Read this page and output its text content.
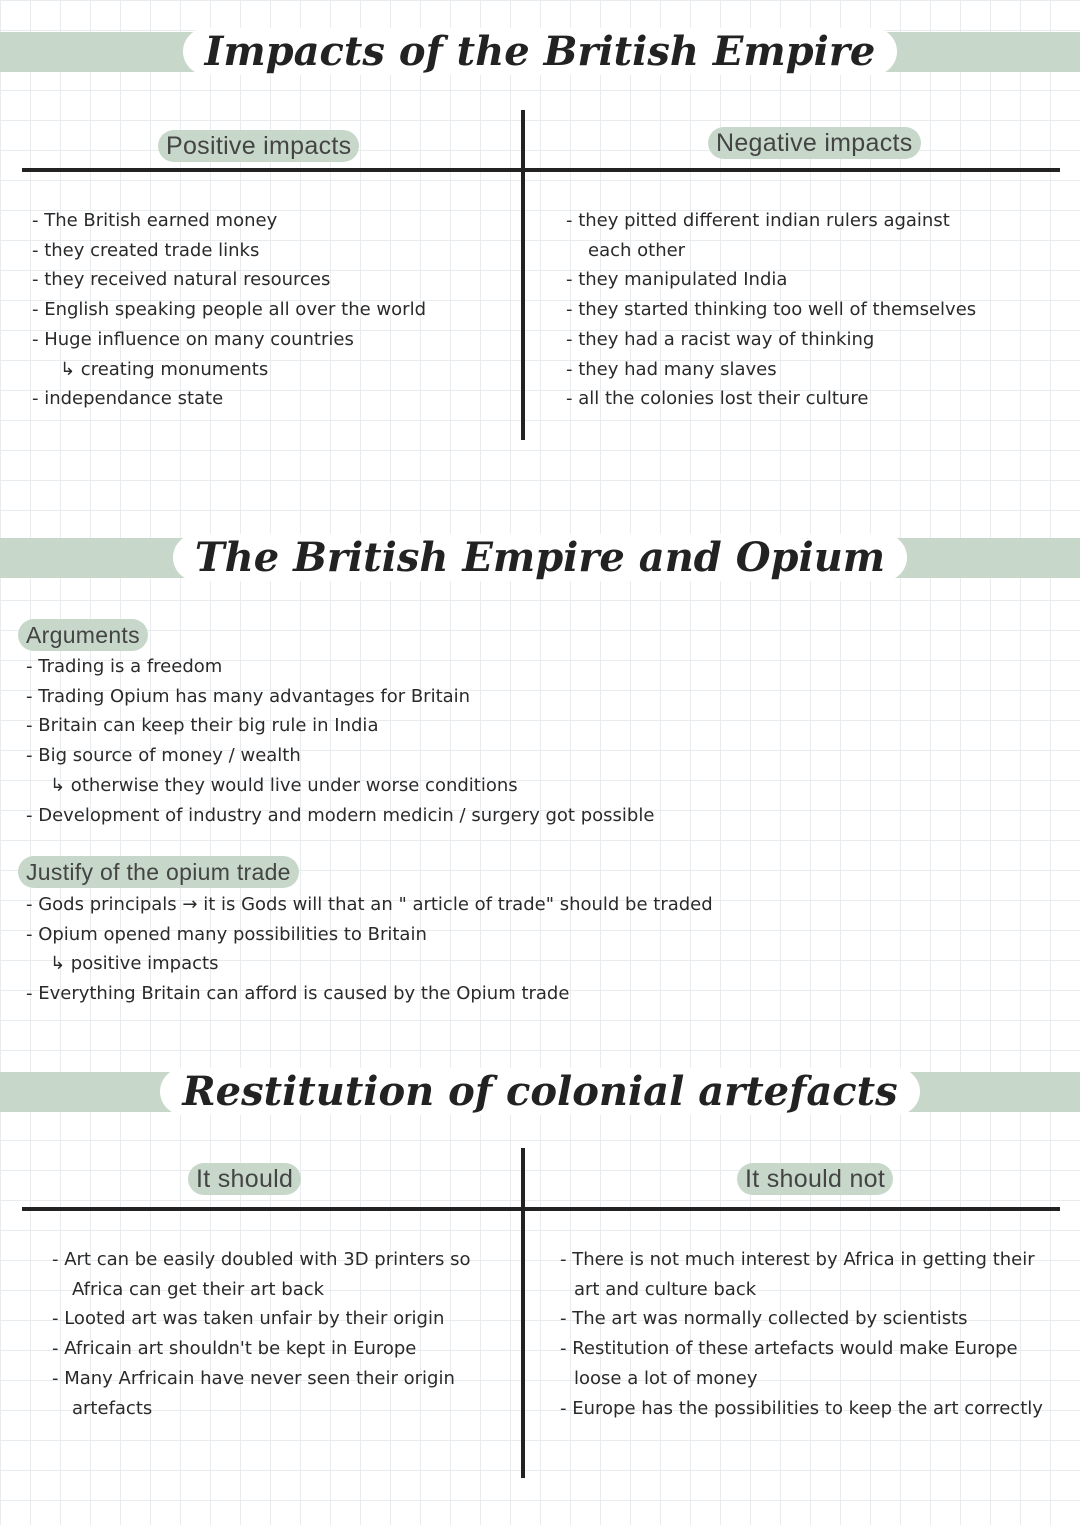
Impacts of the British Empire
Positive impacts	Negative impacts
- The British earned money
- they created trade links
- they received natural resources
- English speaking people all over the world
- Huge influence on many countries
↳ creating monuments
- independance state
- they pitted different indian rulers against
each other
- they manipulated India
- they started thinking too well of themselves
- they had a racist way of thinking
- they had many slaves
- all the colonies lost their culture
The British Empire and Opium
Arguments
- Trading is a freedom
- Trading Opium has many advantages for Britain
- Britain can keep their big rule in India
- Big source of money / wealth
↳ otherwise they would live under worse conditions
- Development of industry and modern medicin / surgery got possible
Justify of the opium trade
- Gods principals → it is Gods will that an " article of trade" should be traded
- Opium opened many possibilities to Britain
↳ positive impacts
- Everything Britain can afford is caused by the Opium trade
Restitution of colonial artefacts
It should	It should not
- Art can be easily doubled with 3D printers so
Africa can get their art back
- Looted art was taken unfair by their origin
- Africain art shouldn't be kept in Europe
- Many Arfricain have never seen their origin
artefacts
- There is not much interest by Africa in getting their
art and culture back
- The art was normally collected by scientists
- Restitution of these artefacts would make Europe
loose a lot of money
- Europe has the possibilities to keep the art correctly
